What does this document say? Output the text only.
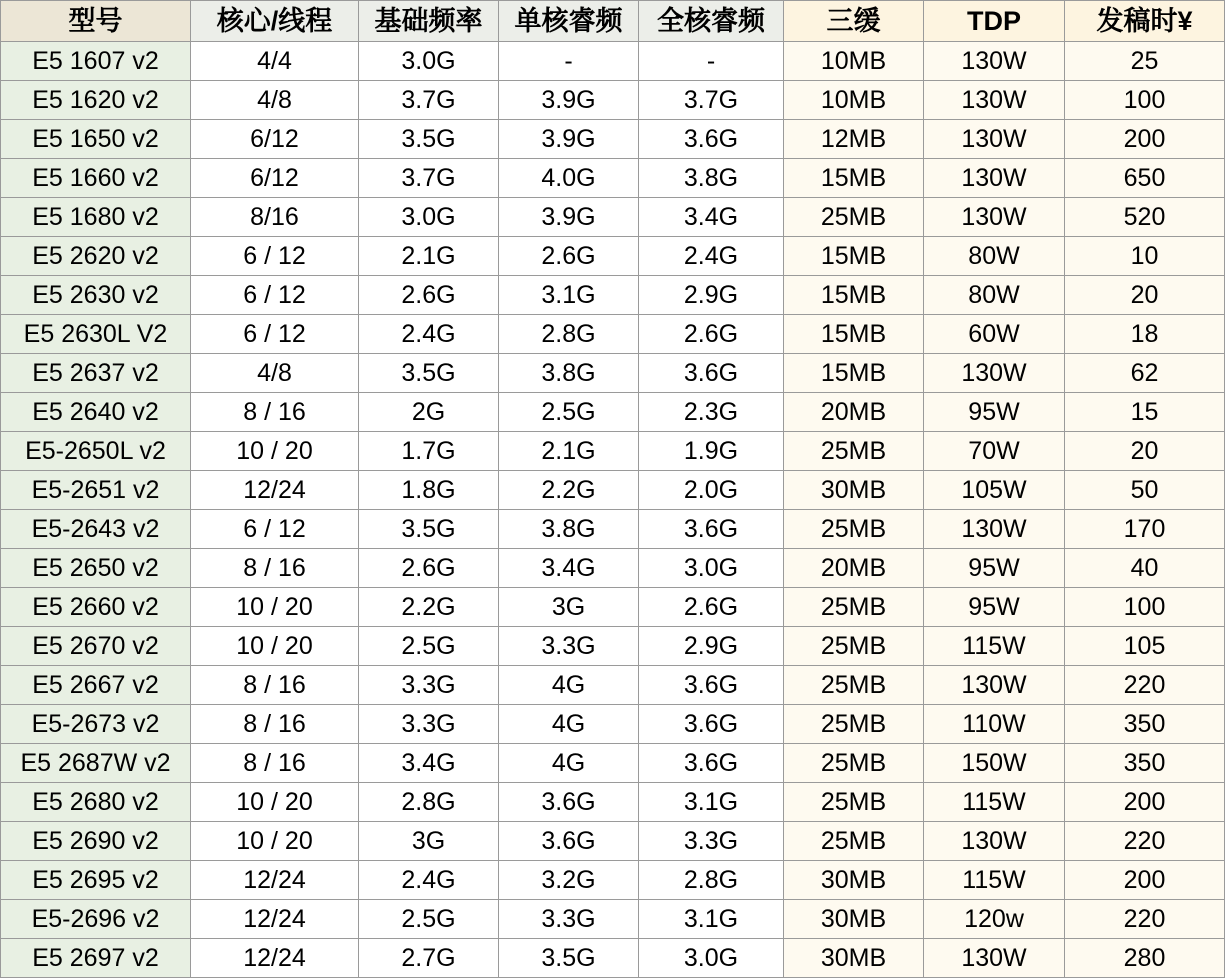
型号	核心/线程	基础频率	单核睿频	全核睿频	三缓	TDP	发稿时¥
E5 1607 v2	4/4	3.0G	-	-	10MB	130W	25
E5 1620 v2	4/8	3.7G	3.9G	3.7G	10MB	130W	100
E5 1650 v2	6/12	3.5G	3.9G	3.6G	12MB	130W	200
E5 1660 v2	6/12	3.7G	4.0G	3.8G	15MB	130W	650
E5 1680 v2	8/16	3.0G	3.9G	3.4G	25MB	130W	520
E5 2620 v2	6 / 12	2.1G	2.6G	2.4G	15MB	80W	10
E5 2630 v2	6 / 12	2.6G	3.1G	2.9G	15MB	80W	20
E5 2630L V2	6 / 12	2.4G	2.8G	2.6G	15MB	60W	18
E5 2637 v2	4/8	3.5G	3.8G	3.6G	15MB	130W	62
E5 2640 v2	8 / 16	2G	2.5G	2.3G	20MB	95W	15
E5-2650L v2	10 / 20	1.7G	2.1G	1.9G	25MB	70W	20
E5-2651 v2	12/24	1.8G	2.2G	2.0G	30MB	105W	50
E5-2643 v2	6 / 12	3.5G	3.8G	3.6G	25MB	130W	170
E5 2650 v2	8 / 16	2.6G	3.4G	3.0G	20MB	95W	40
E5 2660 v2	10 / 20	2.2G	3G	2.6G	25MB	95W	100
E5 2670 v2	10 / 20	2.5G	3.3G	2.9G	25MB	115W	105
E5 2667 v2	8 / 16	3.3G	4G	3.6G	25MB	130W	220
E5-2673 v2	8 / 16	3.3G	4G	3.6G	25MB	110W	350
E5 2687W v2	8 / 16	3.4G	4G	3.6G	25MB	150W	350
E5 2680 v2	10 / 20	2.8G	3.6G	3.1G	25MB	115W	200
E5 2690 v2	10 / 20	3G	3.6G	3.3G	25MB	130W	220
E5 2695 v2	12/24	2.4G	3.2G	2.8G	30MB	115W	200
E5-2696 v2	12/24	2.5G	3.3G	3.1G	30MB	120w	220
E5 2697 v2	12/24	2.7G	3.5G	3.0G	30MB	130W	280
